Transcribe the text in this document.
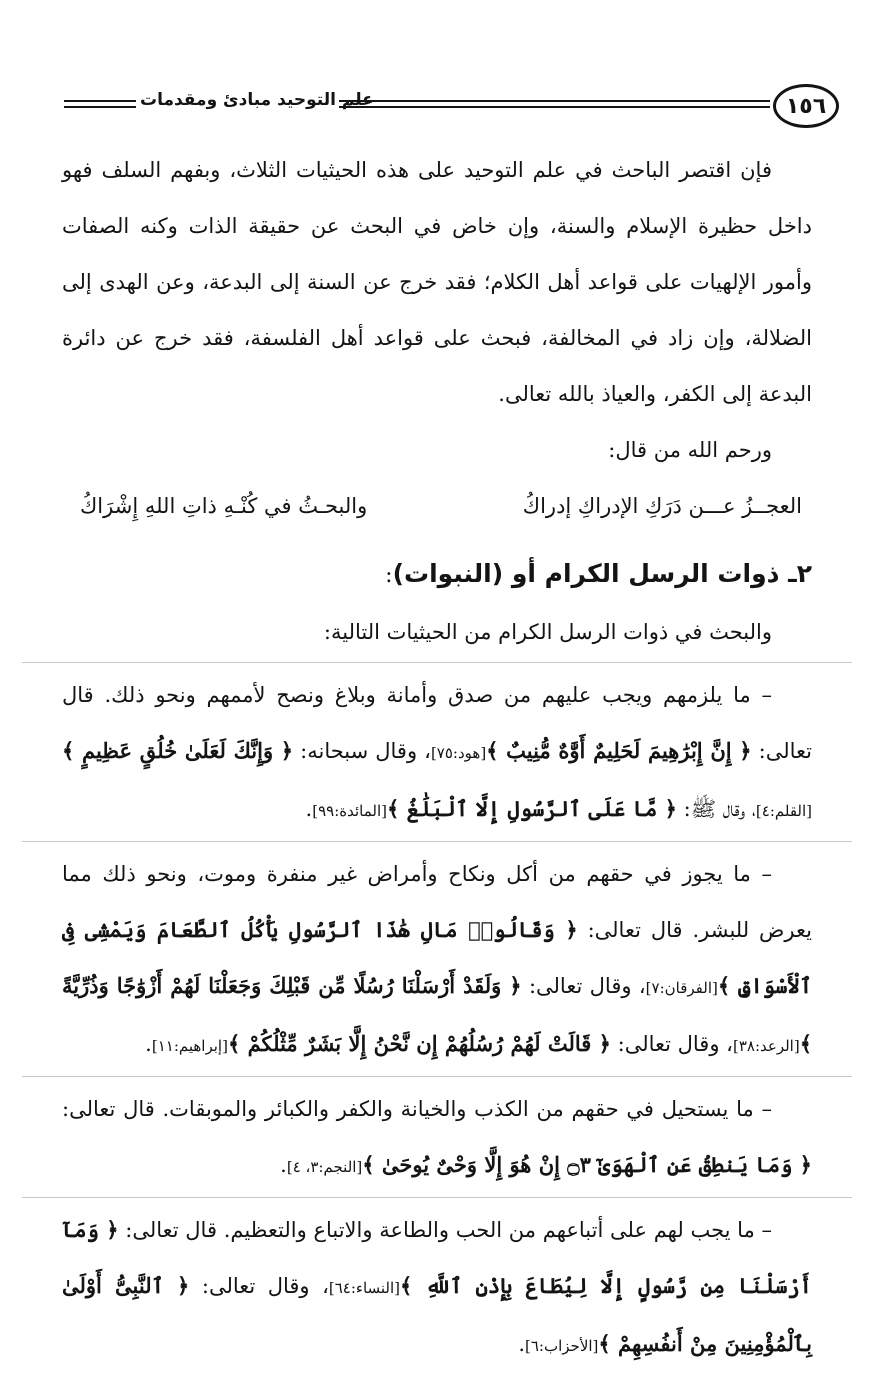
١٥٦
علم التوحيد مبادئ ومقدمات

فإن اقتصر الباحث في علم التوحيد على هذه الحيثيات الثلاث، وبفهم السلف فهو داخل حظيرة الإسلام والسنة، وإن خاض في البحث عن حقيقة الذات وكنه الصفات وأمور الإلهيات على قواعد أهل الكلام؛ فقد خرج عن السنة إلى البدعة، وعن الهدى إلى الضلالة، وإن زاد في المخالفة، فبحث على قواعد أهل الفلسفة، فقد خرج عن دائرة البدعة إلى الكفر، والعياذ بالله تعالى.

ورحم الله من قال:

العجــزُ عـــن دَرَكِ الإدراكِ إدراكُ
والبحـثُ في كُنْـهِ ذاتِ اللهِ إِشْرَاكُ

٢ـ ذوات الرسل الكرام أو (النبوات):

والبحث في ذوات الرسل الكرام من الحيثيات التالية:

– ما يلزمهم ويجب عليهم من صدق وأمانة وبلاغ ونصح لأممهم ونحو ذلك. قال تعالى: ﴿ إِنَّ إِبْرَٰهِيمَ لَحَلِيمٌ أَوَّٰهٌ مُّنِيبٌ ﴾[هود:٧٥]، وقال سبحانه: ﴿ وَإِنَّكَ لَعَلَىٰ خُلُقٍ عَظِيمٍ ﴾[القلم:٤]، وقال ﷺ: ﴿ مَّا عَلَى ٱلرَّسُولِ إِلَّا ٱلْبَلَٰغُ ﴾[المائدة:٩٩].

– ما يجوز في حقهم من أكل ونكاح وأمراض غير منفرة وموت، ونحو ذلك مما يعرض للبشر. قال تعالى: ﴿ وَقَالُوا۟ مَالِ هَٰذَا ٱلرَّسُولِ يَأْكُلُ ٱلطَّعَامَ وَيَمْشِى فِى ٱلْأَسْوَاقِ ﴾[الفرقان:٧]، وقال تعالى: ﴿ وَلَقَدْ أَرْسَلْنَا رُسُلًا مِّن قَبْلِكَ وَجَعَلْنَا لَهُمْ أَزْوَٰجًا وَذُرِّيَّةً ﴾[الرعد:٣٨]، وقال تعالى: ﴿ قَالَتْ لَهُمْ رُسُلُهُمْ إِن نَّحْنُ إِلَّا بَشَرٌ مِّثْلُكُمْ ﴾[إبراهيم:١١].

– ما يستحيل في حقهم من الكذب والخيانة والكفر والكبائر والموبقات. قال تعالى: ﴿ وَمَا يَنطِقُ عَنِ ٱلْهَوَىٰٓ ۝٣ إِنْ هُوَ إِلَّا وَحْىٌ يُوحَىٰ ﴾[النجم:٣، ٤].

– ما يجب لهم على أتباعهم من الحب والطاعة والاتباع والتعظيم. قال تعالى: ﴿ وَمَآ أَرْسَلْنَا مِن رَّسُولٍ إِلَّا لِيُطَاعَ بِإِذْنِ ٱللَّهِ ﴾[النساء:٦٤]، وقال تعالى: ﴿ ٱلنَّبِىُّ أَوْلَىٰ بِٱلْمُؤْمِنِينَ مِنْ أَنفُسِهِمْ ﴾[الأحزاب:٦].
